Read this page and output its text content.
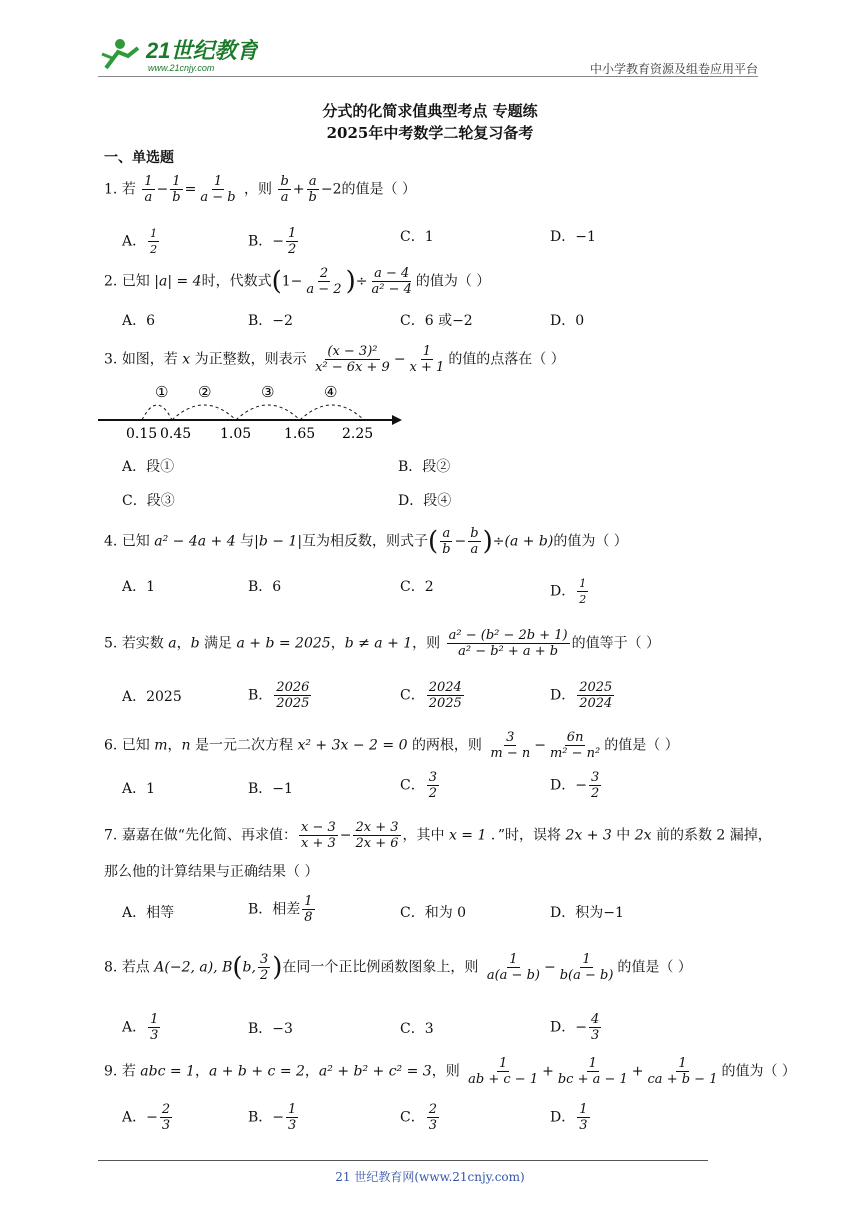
21世纪教育
www.21cnjy.com	中小学教育资源及组卷应用平台
分式的化简求值典型考点 专题练
2025年中考数学二轮复习备考
一、单选题
1. 若 $\frac{1}{a} - \frac{1}{b} = \frac{1}{a - b}$ ，则 $\frac{b}{a} + \frac{a}{b} -2$的值是（ ）
A． $\frac{1}{2}$	B．− $\frac{1}{2}$	C．1	D．−1
2. 已知 |a| = 4时，代数式($1- \frac{2}{a - 2}$ )÷ $\frac{a - 4}{\text{a² − 4}}$ 的值为（ ）
A．6	B．−2	C．6 或−2	D．0
3. 如图，若 x 为正整数，则表示 $\frac{\text{(x − 3)²}}{\text{x² − 6x + 9}} - \frac{1}{x + 1}$ 的值的点落在（ ）
① ②	③	④
0.15 0.45 1.05 1.65 2.25
A．段①	B．段②
C．段③	D．段④
4. 已知 a² − 4a + 4 与|b − 1|互为相反数，则式子( $\frac{a}{b} - \frac{b}{a} )\div(a + b)$的值为（ ）
A．1	B．6	C．2	D． $\frac{1}{2}$
5. 若实数 a，b 满足 a + b = 2025，b ≠ a + 1，则 $\frac{\text{a² − (b² − 2b + 1)}}{\text{a² − b² + a + b}}$ 的值等于（ ）
A．2025	B． $\frac{2026}{2025}$	C． $\frac{2024}{2025}$	D． $\frac{2025}{2024}$
6. 已知 m，n 是一元二次方程 x² + 3x − 2 = 0 的两根，则 $\frac{3}{m - n} - \frac{6n}{\text{m² − n²}}$ 的值是（ ）
A．1	B．−1	C． $\frac{3}{2}$	D．− $\frac{3}{2}$
7. 嘉嘉在做“先化简、再求值： $\frac{x - 3}{x + 3} - \frac{2x + 3}{2x + 6}$ ，其中 x = 1 ．”时，误将 2x + 3 中 2x 前的系数 2 漏掉，
那么他的计算结果与正确结果（ ）
A．相等	B．相差 $\frac{1}{8}$	C．和为 0	D．积为−1
8. 若点 A(−2, a), B(b, $\frac{3}{2}$ )在同一个正比例函数图象上，则 $\frac{1}{a(a - b)} - \frac{1}{b(a - b)}$ 的值是（ ）
A． $\frac{1}{3}$	B．−3	C．3	D．− $\frac{4}{3}$
9. 若 abc = 1，a + b + c = 2，a² + b² + c² = 3，则 $\frac{1}{ab + c - 1} + \frac{1}{bc + a - 1} + \frac{1}{ca + b - 1}$ 的值为（ ）
A．− $\frac{2}{3}$	B．− $\frac{1}{3}$	C． $\frac{2}{3}$	D． $\frac{1}{3}$
21 世纪教育网(www.21cnjy.com)
